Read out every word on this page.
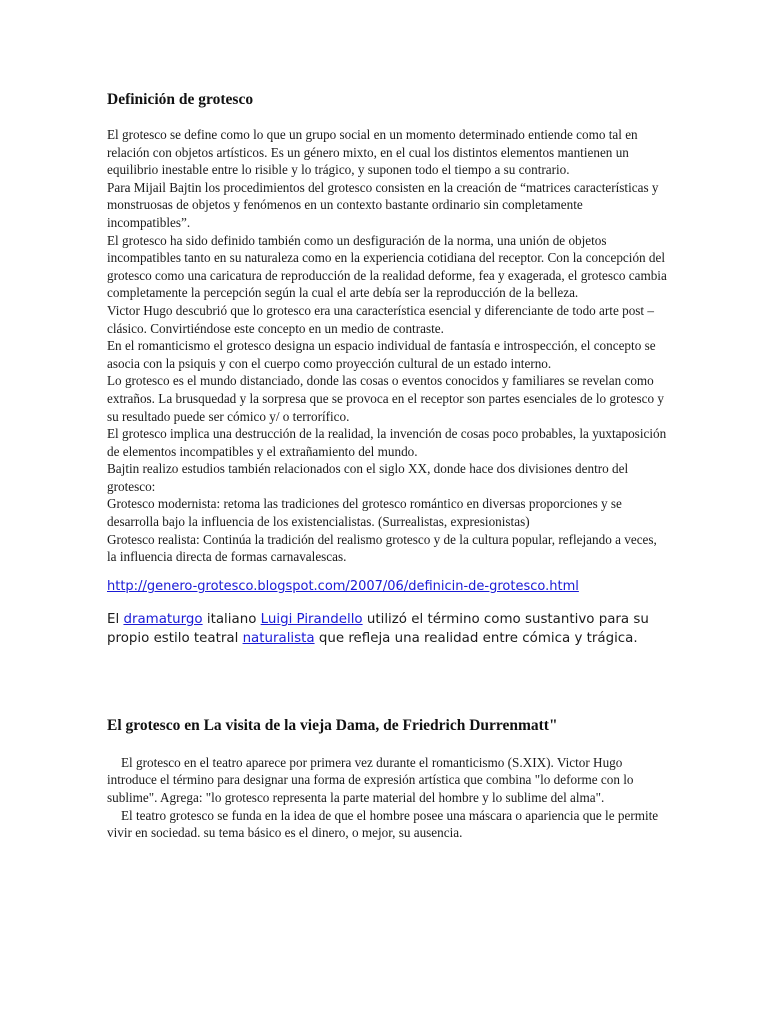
Definición de grotesco

El grotesco se define como lo que un grupo social en un momento determinado entiende como tal en relación con objetos artísticos. Es un género mixto, en el cual los distintos elementos mantienen un equilibrio inestable entre lo risible y lo trágico, y suponen todo el tiempo a su contrario.

Para Mijail Bajtin los procedimientos del grotesco consisten en la creación de “matrices características y monstruosas de objetos y fenómenos en un contexto bastante ordinario sin completamente incompatibles”.

El grotesco ha sido definido también como un desfiguración de la norma, una unión de objetos incompatibles tanto en su naturaleza como en la experiencia cotidiana del receptor. Con la concepción del grotesco como una caricatura de reproducción de la realidad deforme, fea y exagerada, el grotesco cambia completamente la percepción según la cual el arte debía ser la reproducción de la belleza.

Victor Hugo descubrió que lo grotesco era una característica esencial y diferenciante de todo arte post – clásico. Convirtiéndose este concepto en un medio de contraste.

En el romanticismo el grotesco designa un espacio individual de fantasía e introspección, el concepto se asocia con la psiquis y con el cuerpo como proyección cultural de un estado interno.

Lo grotesco es el mundo distanciado, donde las cosas o eventos conocidos y familiares se revelan como extraños. La brusquedad y la sorpresa que se provoca en el receptor son partes esenciales de lo grotesco y su resultado puede ser cómico y/ o terrorífico.

El grotesco implica una destrucción de la realidad, la invención de cosas poco probables, la yuxtaposición de elementos incompatibles y el extrañamiento del mundo.

Bajtin realizo estudios también relacionados con el siglo XX, donde hace dos divisiones dentro del grotesco:

Grotesco modernista: retoma las tradiciones del grotesco romántico en diversas proporciones y se desarrolla bajo la influencia de los existencialistas. (Surrealistas, expresionistas)

Grotesco realista: Continúa la tradición del realismo grotesco y de la cultura popular, reflejando a veces, la influencia directa de formas carnavalescas.

http://genero-grotesco.blogspot.com/2007/06/definicin-de-grotesco.html
El dramaturgo italiano Luigi Pirandello utilizó el término como sustantivo para su propio estilo teatral naturalista que refleja una realidad entre cómica y trágica.
El grotesco en La visita de la vieja Dama, de Friedrich Durrenmatt"

El grotesco en el teatro aparece por primera vez durante el romanticismo (S.XIX). Victor Hugo introduce el término para designar una forma de expresión artística que combina "lo deforme con lo sublime". Agrega: "lo grotesco representa la parte material del hombre y lo sublime del alma".

El teatro grotesco se funda en la idea de que el hombre posee una máscara o apariencia que le permite vivir en sociedad. su tema básico es el dinero, o mejor, su ausencia.
